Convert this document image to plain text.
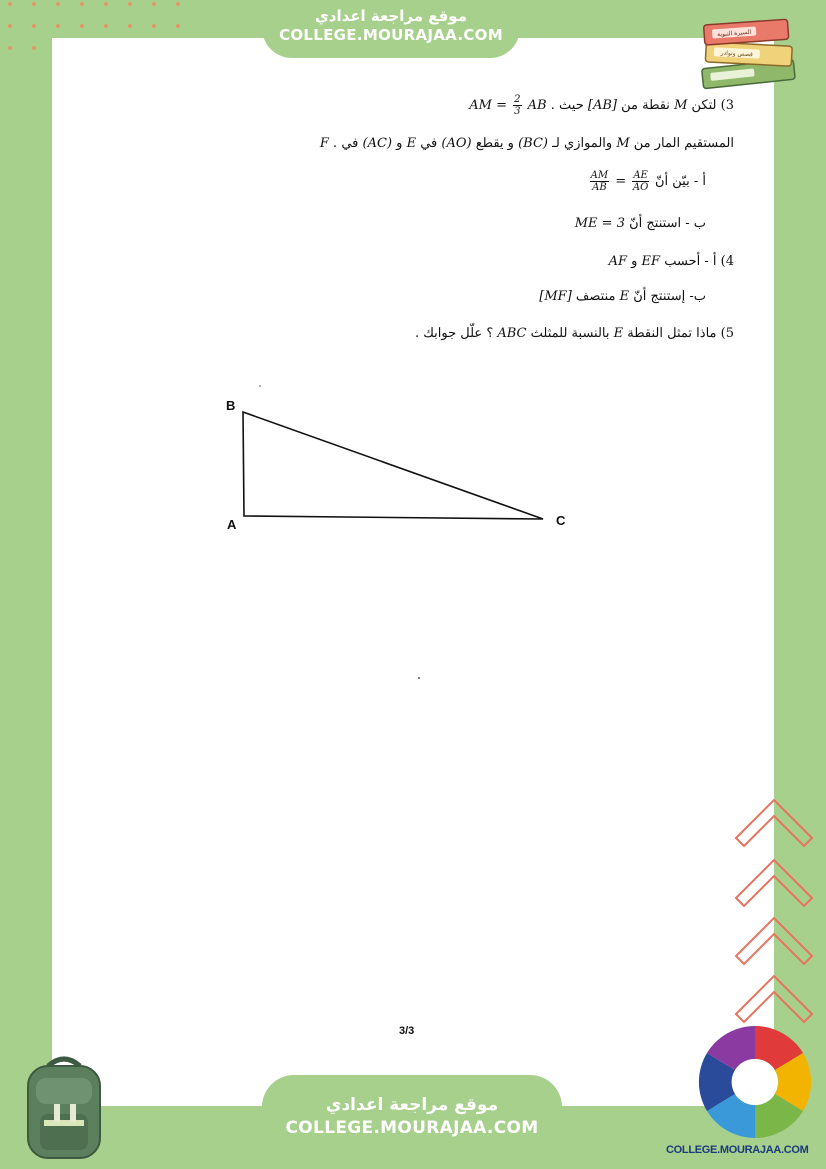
موقع مراجعة اعدادي
COLLEGE.MOURAJAA.COM
قصص ونوادر
السيرة النبوية
3) لتكن M نقطة من [AB] حيث AM = $\frac{2}{3}$ AB .
المستقيم المار من M والموازي لـ (BC) و يقطع (AO) في E و (AC) في F .
أ - بيّن أنّ
$\frac{AM}{AB} = \frac{AE}{AO}$
ب - استنتج أنّ ME = 3
4) أ - أحسب EF و AF
ب- إستنتج أنّ E منتصف [MF]
5) ماذا تمثل النقطة E بالنسبة للمثلث ABC ؟ علّل جوابك .
B
A	C
3/3
COLLEGE.MOURAJAA.COM
موقع مراجعة اعدادي
COLLEGE.MOURAJAA.COM
